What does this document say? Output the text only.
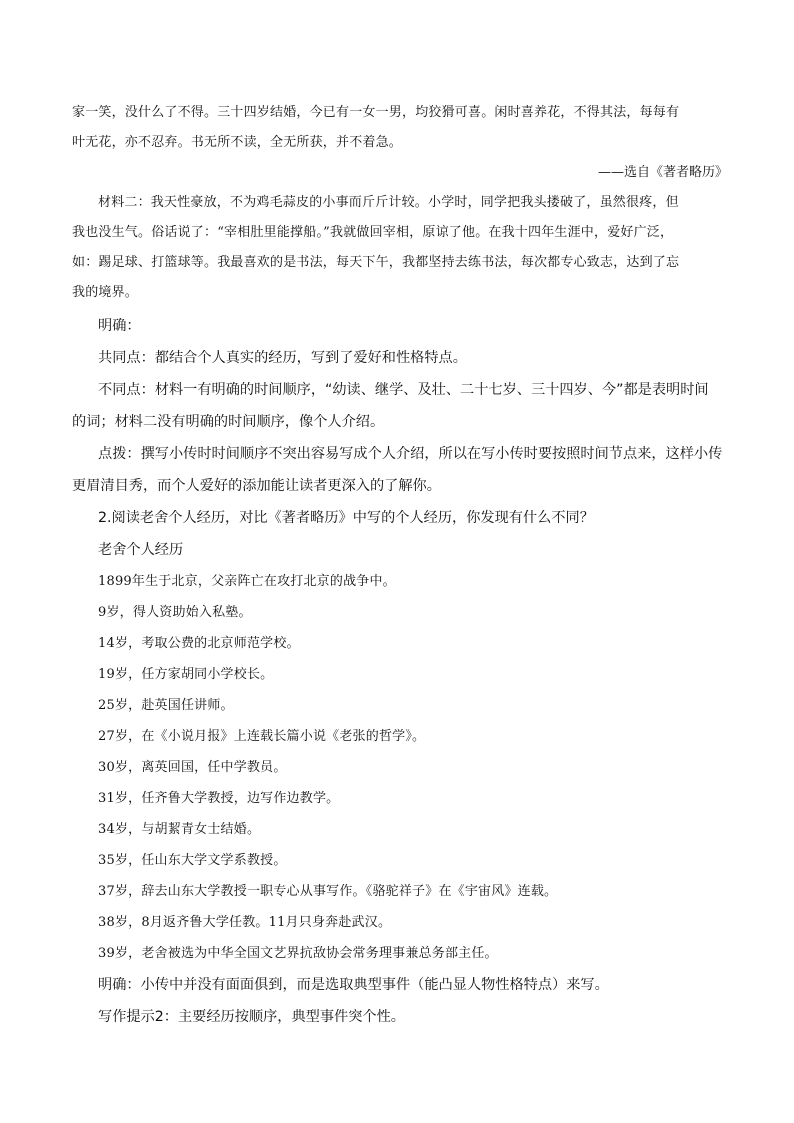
家一笑，没什么了不得。三十四岁结婚，今已有一女一男，均狡猾可喜。闲时喜养花，不得其法，每每有

叶无花，亦不忍弃。书无所不读，全无所获，并不着急。

——选自《著者略历》

材料二：我天性豪放，不为鸡毛蒜皮的小事而斤斤计较。小学时，同学把我头搂破了，虽然很疼，但

我也没生气。俗话说了：“宰相肚里能撑船。”我就做回宰相，原谅了他。在我十四年生涯中，爱好广泛，

如：踢足球、打篮球等。我最喜欢的是书法，每天下午，我都坚持去练书法，每次都专心致志，达到了忘

我的境界。

明确：

共同点：都结合个人真实的经历，写到了爱好和性格特点。

不同点：材料一有明确的时间顺序，“幼读、继学、及壮、二十七岁、三十四岁、今”都是表明时间

的词；材料二没有明确的时间顺序，像个人介绍。

点拨：撰写小传时时间顺序不突出容易写成个人介绍，所以在写小传时要按照时间节点来，这样小传

更眉清目秀，而个人爱好的添加能让读者更深入的了解你。

2.阅读老舍个人经历，对比《著者略历》中写的个人经历，你发现有什么不同？

老舍个人经历

1899年生于北京，父亲阵亡在攻打北京的战争中。

9岁，得人资助始入私塾。

14岁，考取公费的北京师范学校。

19岁，任方家胡同小学校长。

25岁，赴英国任讲师。

27岁，在《小说月报》上连载长篇小说《老张的哲学》。

30岁，离英回国，任中学教员。

31岁，任齐鲁大学教授，边写作边教学。

34岁，与胡絜青女士结婚。

35岁，任山东大学文学系教授。

37岁，辞去山东大学教授一职专心从事写作。《骆驼祥子》在《宇宙风》连载。

38岁，8月返齐鲁大学任教。11月只身奔赴武汉。

39岁，老舍被选为中华全国文艺界抗敌协会常务理事兼总务部主任。

明确：小传中并没有面面俱到，而是选取典型事件（能凸显人物性格特点）来写。

写作提示2：主要经历按顺序，典型事件突个性。
